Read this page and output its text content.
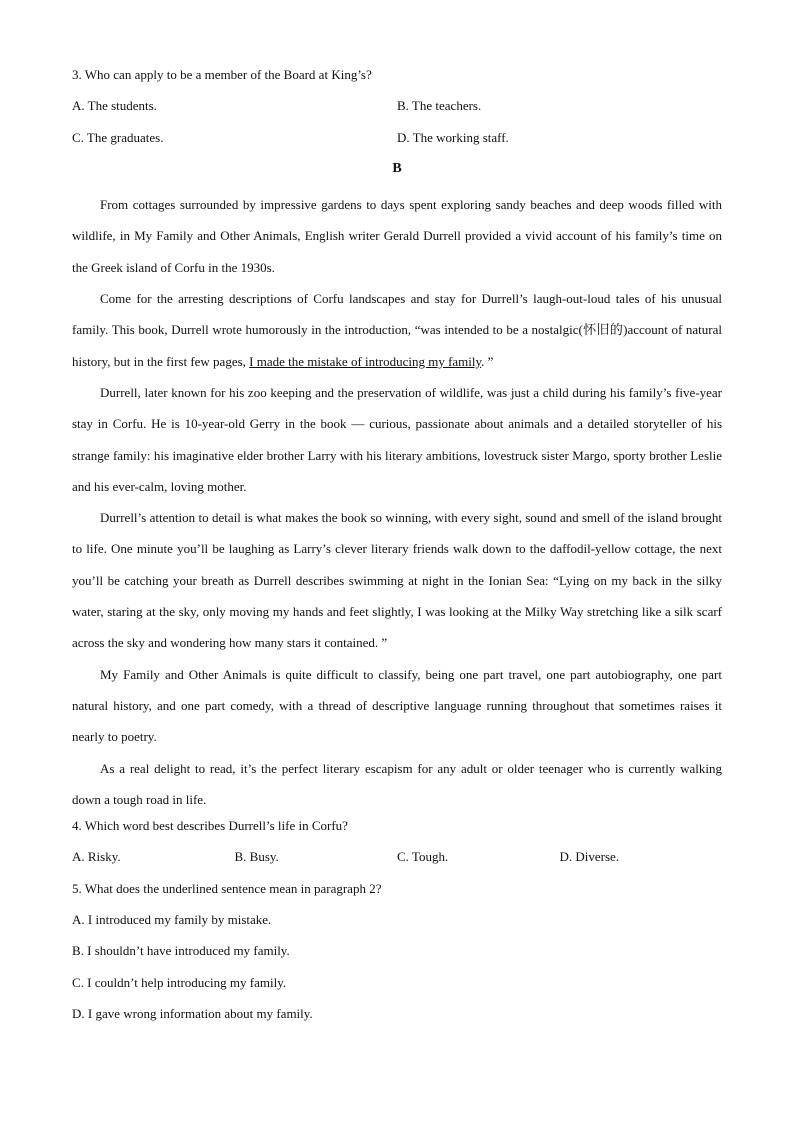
3. Who can apply to be a member of the Board at King’s?
A. The students.	B. The teachers.
C. The graduates.	D. The working staff.
B

From cottages surrounded by impressive gardens to days spent exploring sandy beaches and deep woods filled with wildlife, in My Family and Other Animals, English writer Gerald Durrell provided a vivid account of his family’s time on the Greek island of Corfu in the 1930s.

Come for the arresting descriptions of Corfu landscapes and stay for Durrell’s laugh-out-loud tales of his unusual family. This book, Durrell wrote humorously in the introduction, “was intended to be a nostalgic(怀旧的)account of natural history, but in the first few pages, I made the mistake of introducing my family. ”

Durrell, later known for his zoo keeping and the preservation of wildlife, was just a child during his family’s five-year stay in Corfu. He is 10-year-old Gerry in the book — curious, passionate about animals and a detailed storyteller of his strange family: his imaginative elder brother Larry with his literary ambitions, lovestruck sister Margo, sporty brother Leslie and his ever-calm, loving mother.

Durrell’s attention to detail is what makes the book so winning, with every sight, sound and smell of the island brought to life. One minute you’ll be laughing as Larry’s clever literary friends walk down to the daffodil-yellow cottage, the next you’ll be catching your breath as Durrell describes swimming at night in the Ionian Sea: “Lying on my back in the silky water, staring at the sky, only moving my hands and feet slightly, I was looking at the Milky Way stretching like a silk scarf across the sky and wondering how many stars it contained. ”

My Family and Other Animals is quite difficult to classify, being one part travel, one part autobiography, one part natural history, and one part comedy, with a thread of descriptive language running throughout that sometimes raises it nearly to poetry.

As a real delight to read, it’s the perfect literary escapism for any adult or older teenager who is currently walking down a tough road in life.

4. Which word best describes Durrell’s life in Corfu?
A. Risky.	B. Busy.	C. Tough.	D. Diverse.
5. What does the underlined sentence mean in paragraph 2?
A. I introduced my family by mistake.
B. I shouldn’t have introduced my family.
C. I couldn’t help introducing my family.
D. I gave wrong information about my family.
